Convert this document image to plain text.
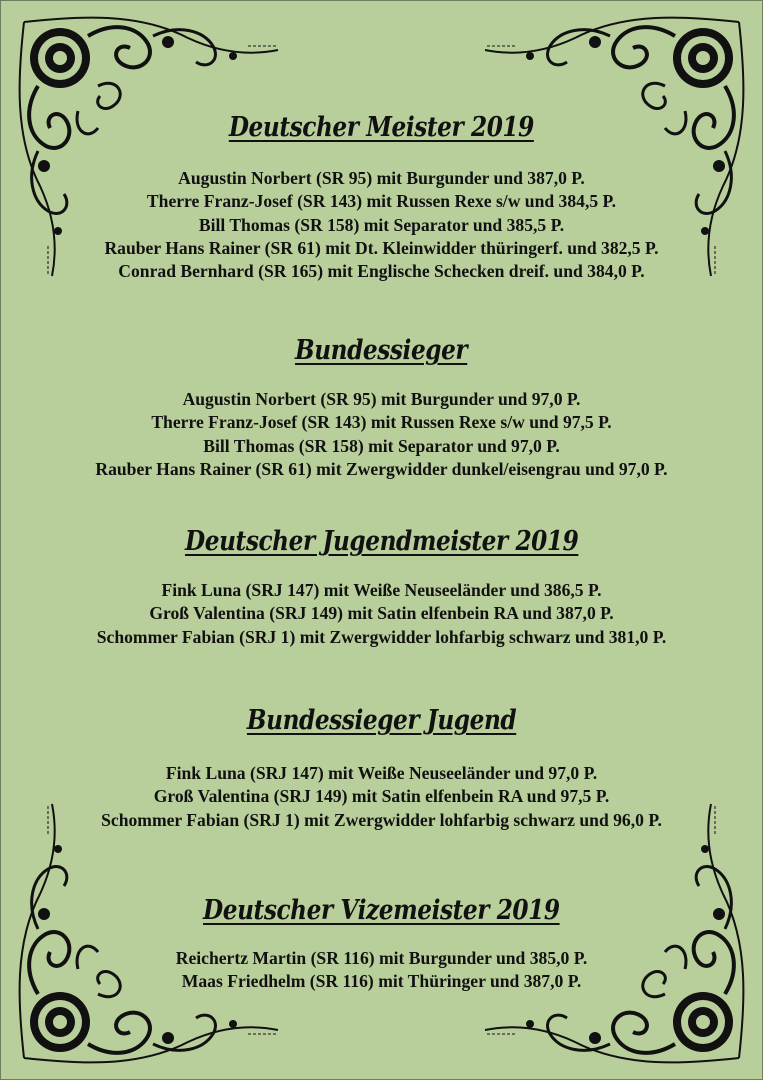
Deutscher Meister 2019
Augustin Norbert (SR 95) mit Burgunder und 387,0 P.
Therre Franz-Josef (SR 143) mit Russen Rexe s/w und 384,5 P.
Bill Thomas (SR 158) mit Separator und 385,5 P.
Rauber Hans Rainer (SR 61) mit Dt. Kleinwidder thüringerf. und 382,5 P.
Conrad Bernhard (SR 165) mit Englische Schecken dreif. und 384,0 P.
Bundessieger
Augustin Norbert (SR 95) mit Burgunder und 97,0 P.
Therre Franz-Josef (SR 143) mit Russen Rexe s/w und 97,5 P.
Bill Thomas (SR 158) mit Separator und 97,0 P.
Rauber Hans Rainer (SR 61) mit Zwergwidder dunkel/eisengrau und 97,0 P.
Deutscher Jugendmeister 2019
Fink Luna (SRJ 147) mit Weiße Neuseeländer und 386,5 P.
Groß Valentina (SRJ 149) mit Satin elfenbein RA und 387,0 P.
Schommer Fabian (SRJ 1) mit Zwergwidder lohfarbig schwarz und 381,0 P.
Bundessieger Jugend
Fink Luna (SRJ 147) mit Weiße Neuseeländer und 97,0 P.
Groß Valentina (SRJ 149) mit Satin elfenbein RA und 97,5 P.
Schommer Fabian (SRJ 1) mit Zwergwidder lohfarbig schwarz und 96,0 P.
Deutscher Vizemeister 2019
Reichertz Martin (SR 116) mit Burgunder und 385,0 P.
Maas Friedhelm (SR 116) mit Thüringer und 387,0 P.
